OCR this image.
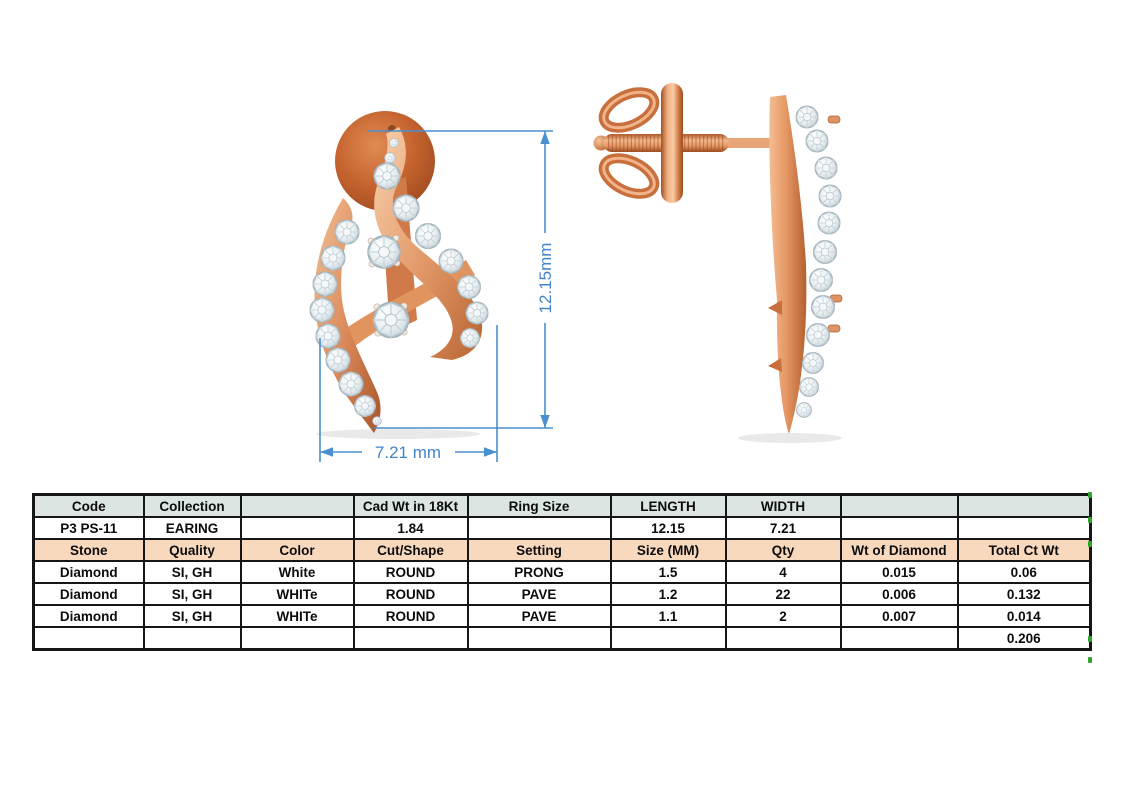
12.15mm
7.21 mm
Code	Collection		Cad Wt in 18Kt	Ring Size	LENGTH	WIDTH		
P3 PS-11	EARING		1.84		12.15	7.21		
Stone	Quality	Color	Cut/Shape	Setting	Size (MM)	Qty	Wt of Diamond	Total Ct Wt
Diamond	SI, GH	White	ROUND	PRONG	1.5	4	0.015	0.06
Diamond	SI, GH	WHITe	ROUND	PAVE	1.2	22	0.006	0.132
Diamond	SI, GH	WHITe	ROUND	PAVE	1.1	2	0.007	0.014
								0.206
